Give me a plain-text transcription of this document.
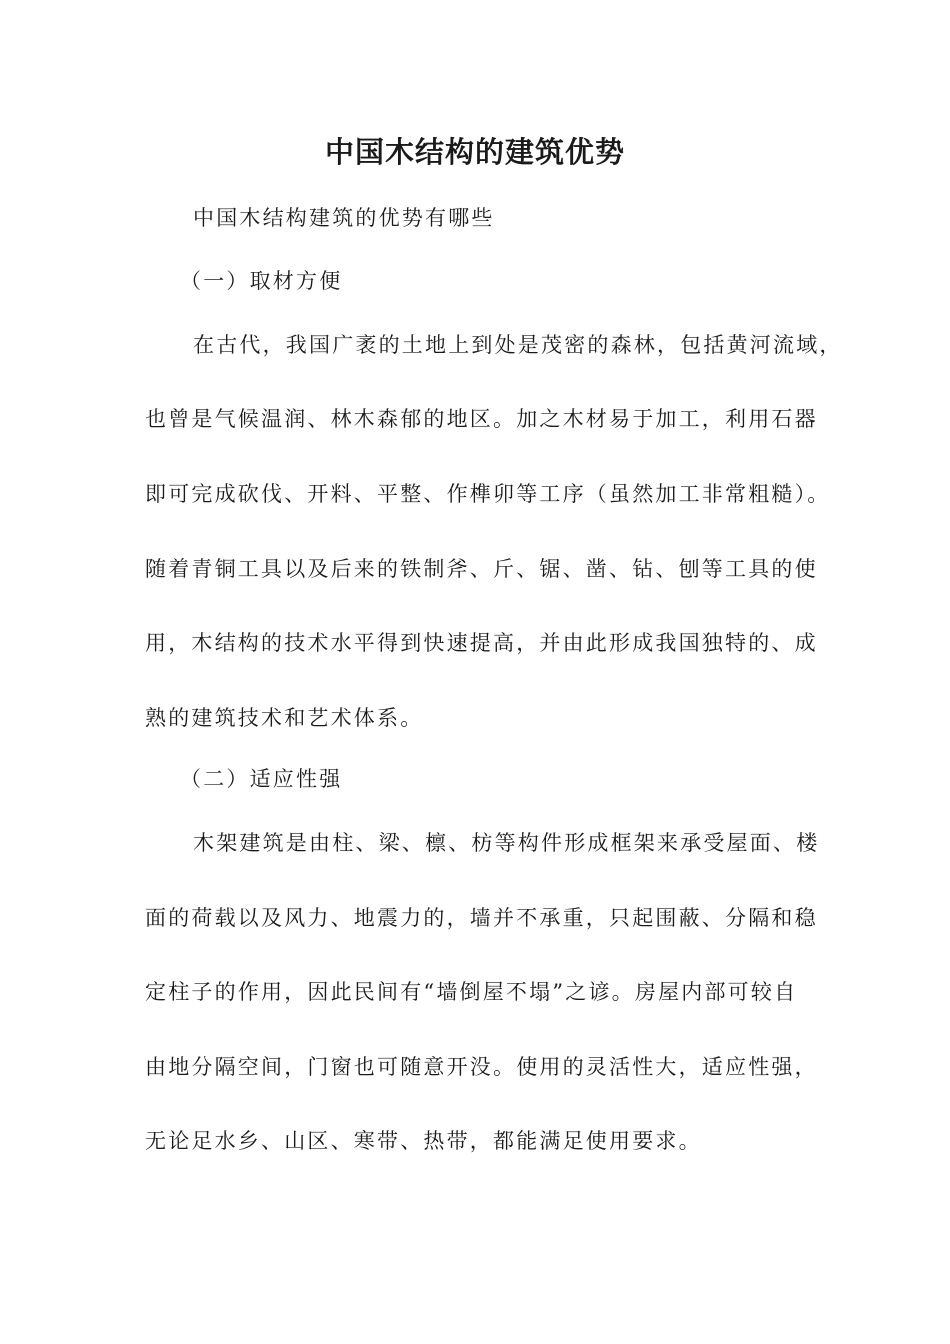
中国木结构的建筑优势

中国木结构建筑的优势有哪些

（一）取材方便

在古代，我国广袤的土地上到处是茂密的森林，包括黄河流域，

也曾是气候温润、林木森郁的地区。加之木材易于加工，利用石器

即可完成砍伐、开料、平整、作榫卯等工序（虽然加工非常粗糙）。

随着青铜工具以及后来的铁制斧、斤、锯、凿、钻、刨等工具的使

用，木结构的技术水平得到快速提高，并由此形成我国独特的、成

熟的建筑技术和艺术体系。

（二）适应性强

木架建筑是由柱、梁、檩、枋等构件形成框架来承受屋面、楼

面的荷载以及风力、地震力的，墙并不承重，只起围蔽、分隔和稳

定柱子的作用，因此民间有“墙倒屋不塌”之谚。房屋内部可较自

由地分隔空间，门窗也可随意开没。使用的灵活性大，适应性强，

无论足水乡、山区、寒带、热带，都能满足使用要求。
